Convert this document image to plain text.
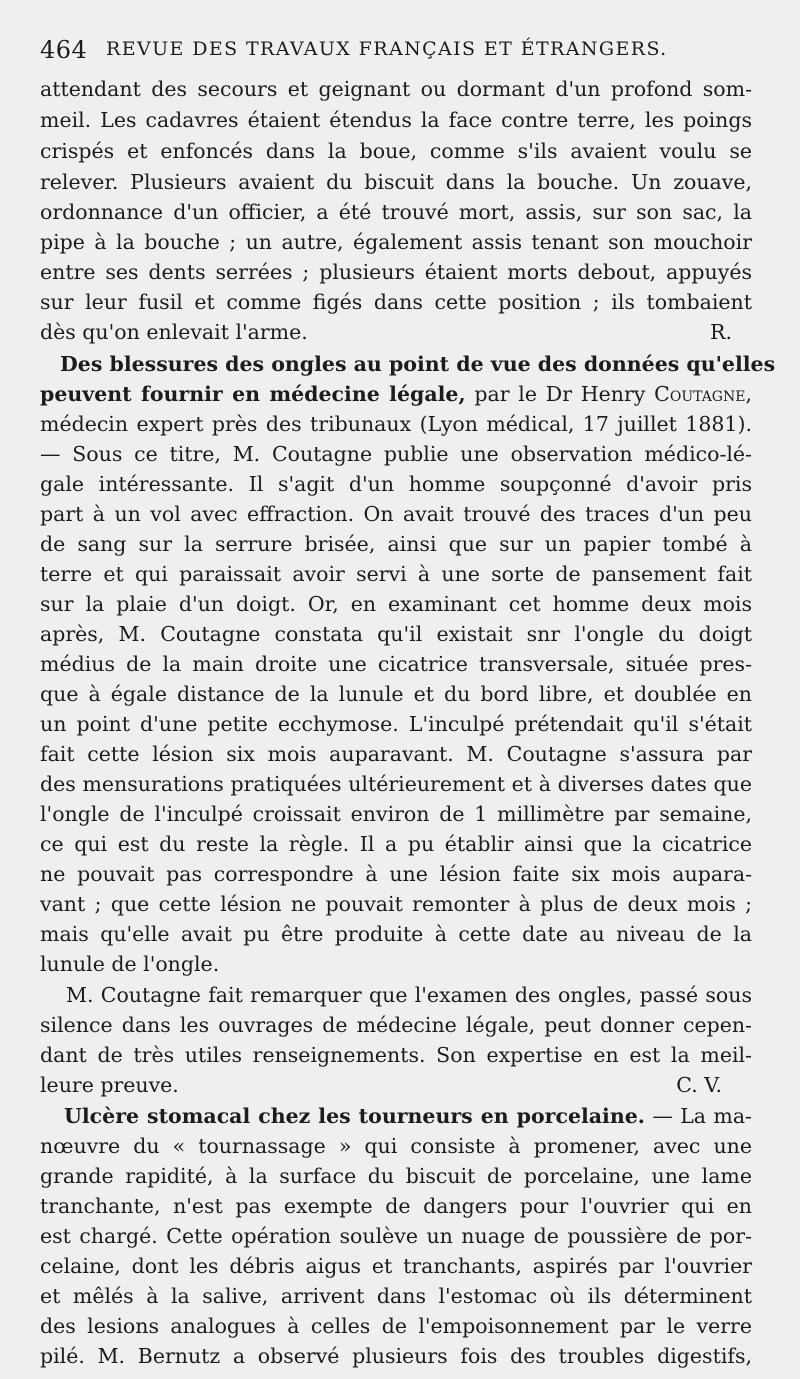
464 REVUE DES TRAVAUX FRANÇAIS ET ÉTRANGERS.
attendant des secours et geignant ou dormant d'un profond som-
meil. Les cadavres étaient étendus la face contre terre, les poings
crispés et enfoncés dans la boue, comme s'ils avaient voulu se
relever. Plusieurs avaient du biscuit dans la bouche. Un zouave,
ordonnance d'un officier, a été trouvé mort, assis, sur son sac, la
pipe à la bouche ; un autre, également assis tenant son mouchoir
entre ses dents serrées ; plusieurs étaient morts debout, appuyés
sur leur fusil et comme figés dans cette position ; ils tombaient
dès qu'on enlevait l'arme.	R.
Des blessures des ongles au point de vue des données qu'elles
peuvent fournir en médecine légale, par le Dr Henry Coutagne,
médecin expert près des tribunaux (Lyon médical, 17 juillet 1881).
— Sous ce titre, M. Coutagne publie une observation médico-lé-
gale intéressante. Il s'agit d'un homme soupçonné d'avoir pris
part à un vol avec effraction. On avait trouvé des traces d'un peu
de sang sur la serrure brisée, ainsi que sur un papier tombé à
terre et qui paraissait avoir servi à une sorte de pansement fait
sur la plaie d'un doigt. Or, en examinant cet homme deux mois
après, M. Coutagne constata qu'il existait snr l'ongle du doigt
médius de la main droite une cicatrice transversale, située pres-
que à égale distance de la lunule et du bord libre, et doublée en
un point d'une petite ecchymose. L'inculpé prétendait qu'il s'était
fait cette lésion six mois auparavant. M. Coutagne s'assura par
des mensurations pratiquées ultérieurement et à diverses dates que
l'ongle de l'inculpé croissait environ de 1 millimètre par semaine,
ce qui est du reste la règle. Il a pu établir ainsi que la cicatrice
ne pouvait pas correspondre à une lésion faite six mois aupara-
vant ; que cette lésion ne pouvait remonter à plus de deux mois ;
mais qu'elle avait pu être produite à cette date au niveau de la
lunule de l'ongle.
M. Coutagne fait remarquer que l'examen des ongles, passé sous
silence dans les ouvrages de médecine légale, peut donner cepen-
dant de très utiles renseignements. Son expertise en est la meil-
leure preuve.	C. V.
Ulcère stomacal chez les tourneurs en porcelaine. — La ma-
nœuvre du « tournassage » qui consiste à promener, avec une
grande rapidité, à la surface du biscuit de porcelaine, une lame
tranchante, n'est pas exempte de dangers pour l'ouvrier qui en
est chargé. Cette opération soulève un nuage de poussière de por-
celaine, dont les débris aigus et tranchants, aspirés par l'ouvrier
et mêlés à la salive, arrivent dans l'estomac où ils déterminent
des lesions analogues à celles de l'empoisonnement par le verre
pilé. M. Bernutz a observé plusieurs fois des troubles digestifs,
